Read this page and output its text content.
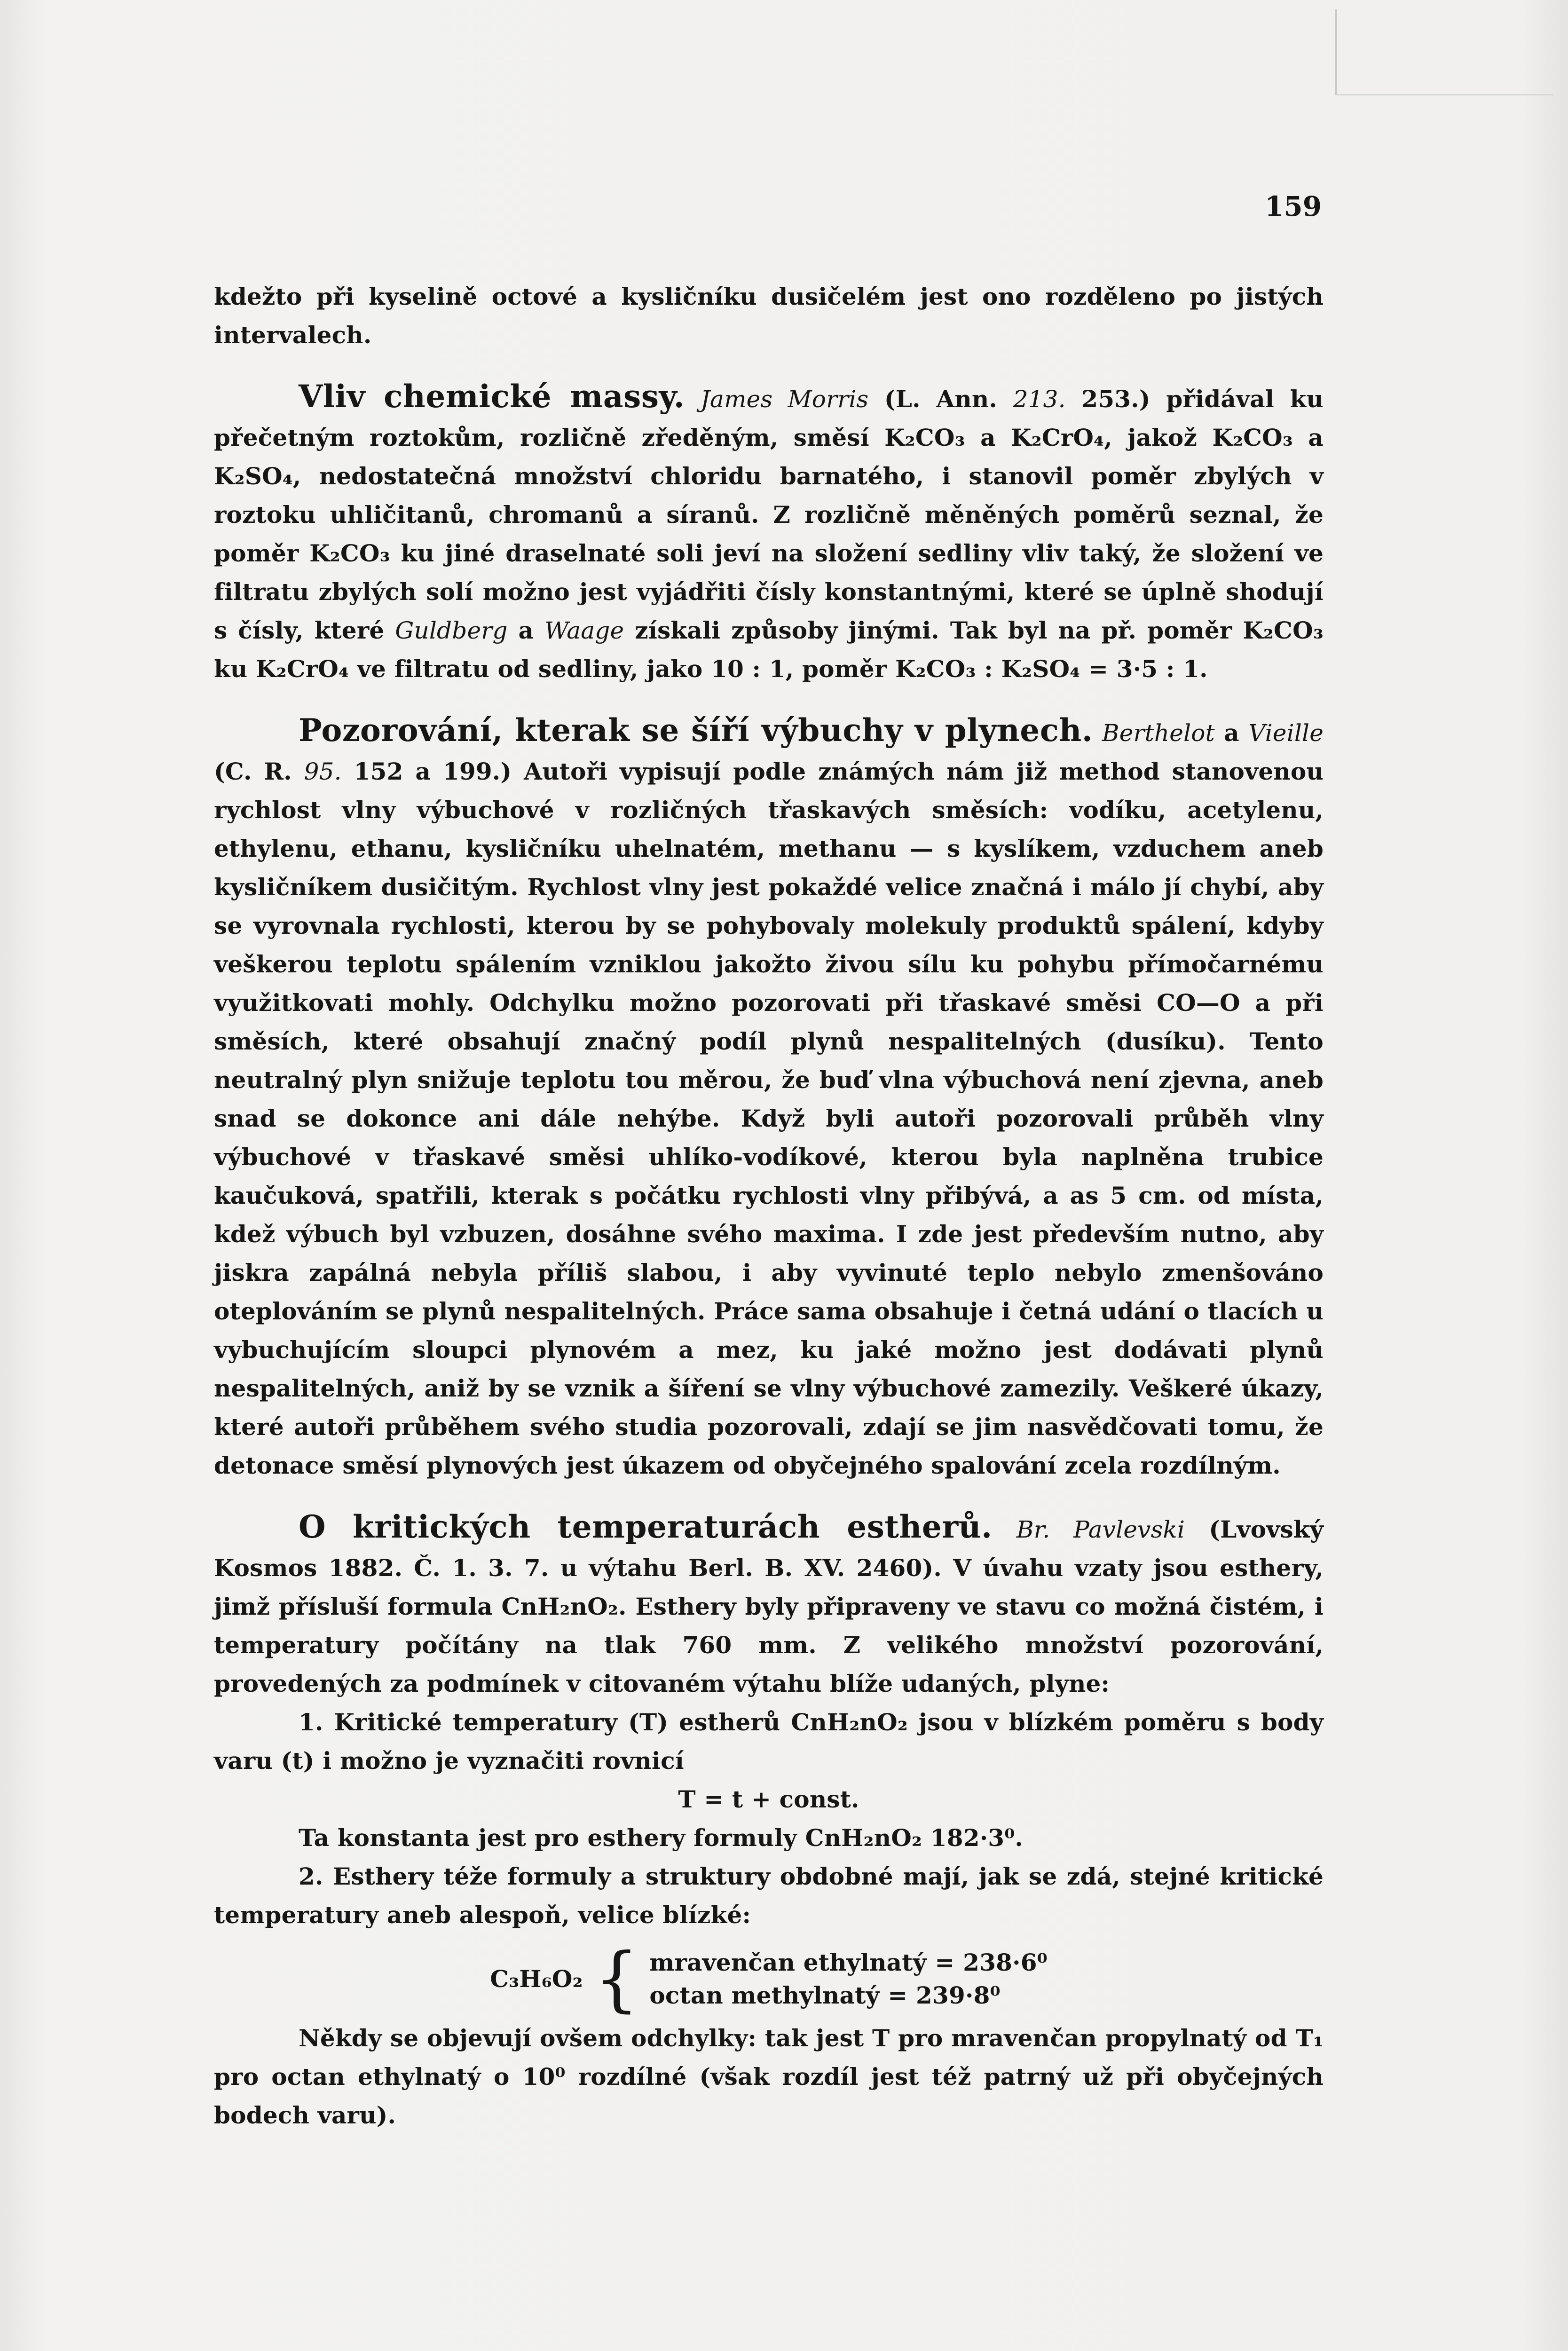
159

kdežto při kyselině octové a kysličníku dusičelém jest ono rozděleno po jistých intervalech.

Vliv chemické massy. James Morris (L. Ann. 213. 253.) přidával ku přečetným roztokům, rozličně zředěným, směsí K₂CO₃ a K₂CrO₄, jakož K₂CO₃ a K₂SO₄, nedostatečná množství chloridu barnatého, i stanovil poměr zbylých v roztoku uhličitanů, chromanů a síranů. Z rozličně měněných poměrů seznal, že poměr K₂CO₃ ku jiné draselnaté soli jeví na složení sedliny vliv taký, že složení ve filtratu zbylých solí možno jest vyjádřiti čísly konstantnými, které se úplně shodují s čísly, které Guldberg a Waage získali způsoby jinými. Tak byl na př. poměr K₂CO₃ ku K₂CrO₄ ve filtratu od sedliny, jako 10 : 1, poměr K₂CO₃ : K₂SO₄ = 3·5 : 1.

Pozorování, kterak se šíří výbuchy v plynech. Berthelot a Vieille (C. R. 95. 152 a 199.) Autoři vypisují podle známých nám již method stanovenou rychlost vlny výbuchové v rozličných třaskavých směsích: vodíku, acetylenu, ethylenu, ethanu, kysličníku uhelnatém, methanu — s kyslíkem, vzduchem aneb kysličníkem dusičitým. Rychlost vlny jest pokaždé velice značná i málo jí chybí, aby se vyrovnala rychlosti, kterou by se pohybovaly molekuly produktů spálení, kdyby veškerou teplotu spálením vzniklou jakožto živou sílu ku pohybu přímočarnému využitkovati mohly. Odchylku možno pozorovati při třaskavé směsi CO—O a při směsích, které obsahují značný podíl plynů nespalitelných (dusíku). Tento neutralný plyn snižuje teplotu tou měrou, že buď vlna výbuchová není zjevna, aneb snad se dokonce ani dále nehýbe. Když byli autoři pozorovali průběh vlny výbuchové v třaskavé směsi uhlíko-vodíkové, kterou byla naplněna trubice kaučuková, spatřili, kterak s počátku rychlosti vlny přibývá, a as 5 cm. od místa, kdež výbuch byl vzbuzen, dosáhne svého maxima. I zde jest především nutno, aby jiskra zapálná nebyla příliš slabou, i aby vyvinuté teplo nebylo zmenšováno oteplováním se plynů nespalitelných. Práce sama obsahuje i četná udání o tlacích u vybuchujícím sloupci plynovém a mez, ku jaké možno jest dodávati plynů nespalitelných, aniž by se vznik a šíření se vlny výbuchové zamezily. Veškeré úkazy, které autoři průběhem svého studia pozorovali, zdají se jim nasvědčovati tomu, že detonace směsí plynových jest úkazem od obyčejného spalování zcela rozdílným.

O kritických temperaturách estherů. Br. Pavlevski (Lvovský Kosmos 1882. Č. 1. 3. 7. u výtahu Berl. B. XV. 2460). V úvahu vzaty jsou esthery, jimž přísluší formula CnH₂nO₂. Esthery byly připraveny ve stavu co možná čistém, i temperatury počítány na tlak 760 mm. Z velikého množství pozorování, provedených za podmínek v citovaném výtahu blíže udaných, plyne:

1. Kritické temperatury (T) estherů CnH₂nO₂ jsou v blízkém poměru s body varu (t) i možno je vyznačiti rovnicí

T = t + const.

Ta konstanta jest pro esthery formuly CnH₂nO₂ 182·3⁰.

2. Esthery téže formuly a struktury obdobné mají, jak se zdá, stejné kritické temperatury aneb alespoň, velice blízké:

C₃H₆O₂ { mravenčan ethylnatý = 238·6⁰
octan methylnatý = 239·8⁰

Někdy se objevují ovšem odchylky: tak jest T pro mravenčan propylnatý od T₁ pro octan ethylnatý o 10⁰ rozdílné (však rozdíl jest též patrný už při obyčejných bodech varu).
